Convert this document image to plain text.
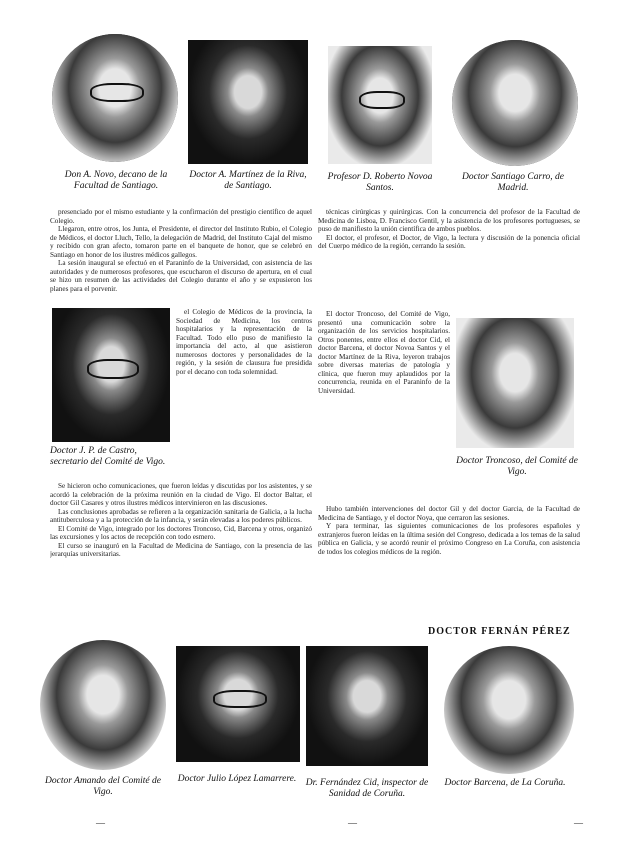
Don A. Novo, decano de la Facultad de Santiago.
Doctor A. Martínez de la Riva, de Santiago.
Profesor D. Roberto Novoa Santos.
Doctor Santiago Carro, de Madrid.

presenciado por el mismo estudiante y la confirmación del prestigio científico de aquel Colegio.

Llegaron, entre otros, los Junta, el Presidente, el director del Instituto Rubio, el Colegio de Médicos, el doctor Lluch, Tello, la delegación de Madrid, del Instituto Cajal del mismo y recibido con gran afecto, tomaron parte en el banquete de honor, que se celebró en Santiago en honor de los ilustres médicos gallegos.

La sesión inaugural se efectuó en el Paraninfo de la Universidad, con asistencia de las autoridades y de numerosos profesores, que escucharon el discurso de apertura, en el cual se hizo un resumen de las actividades del Colegio durante el año y se expusieron los planes para el porvenir.

Doctor J. P. de Castro, secretario del Comité de Vigo.

el Colegio de Médicos de la provincia, la Sociedad de Medicina, los centros hospitalarios y la representación de la Facultad. Todo ello puso de manifiesto la importancia del acto, al que asistieron numerosos doctores y personalidades de la región, y la sesión de clausura fue presidida por el decano con toda solemnidad.

Se hicieron ocho comunicaciones, que fueron leídas y discutidas por los asistentes, y se acordó la celebración de la próxima reunión en la ciudad de Vigo. El doctor Baltar, el doctor Gil Casares y otros ilustres médicos intervinieron en las discusiones.

Las conclusiones aprobadas se refieren a la organización sanitaria de Galicia, a la lucha antituberculosa y a la protección de la infancia, y serán elevadas a los poderes públicos.

El Comité de Vigo, integrado por los doctores Troncoso, Cid, Barcena y otros, organizó las excursiones y los actos de recepción con todo esmero.

El curso se inauguró en la Facultad de Medicina de Santiago, con la presencia de las jerarquías universitarias.

técnicas cirúrgicas y quirúrgicas. Con la concurrencia del profesor de la Facultad de Medicina de Lisboa, D. Francisco Gentil, y la asistencia de los profesores portugueses, se puso de manifiesto la unión científica de ambos pueblos.

El doctor, el profesor, el Doctor, de Vigo, la lectura y discusión de la ponencia oficial del Cuerpo médico de la región, cerrando la sesión.

El doctor Troncoso, del Comité de Vigo, presentó una comunicación sobre la organización de los servicios hospitalarios. Otros ponentes, entre ellos el doctor Cid, el doctor Barcena, el doctor Novoa Santos y el doctor Martínez de la Riva, leyeron trabajos sobre diversas materias de patología y clínica, que fueron muy aplaudidos por la concurrencia, reunida en el Paraninfo de la Universidad.

Doctor Troncoso, del Comité de Vigo.

Hubo también intervenciones del doctor Gil y del doctor Garcia, de la Facultad de Medicina de Santiago, y el doctor Noya, que cerraron las sesiones.

Y para terminar, las siguientes comunicaciones de los profesores españoles y extranjeros fueron leídas en la última sesión del Congreso, dedicada a los temas de la salud pública en Galicia, y se acordó reunir el próximo Congreso en La Coruña, con asistencia de todos los colegios médicos de la región.

DOCTOR FERNÁN PÉREZ
Doctor Amando del Comité de Vigo.
Doctor Julio López Lamarrere.	Dr. Fernández Cid, inspector de Sanidad de Coruña.
Doctor Barcena, de La Coruña.
—	—	—
